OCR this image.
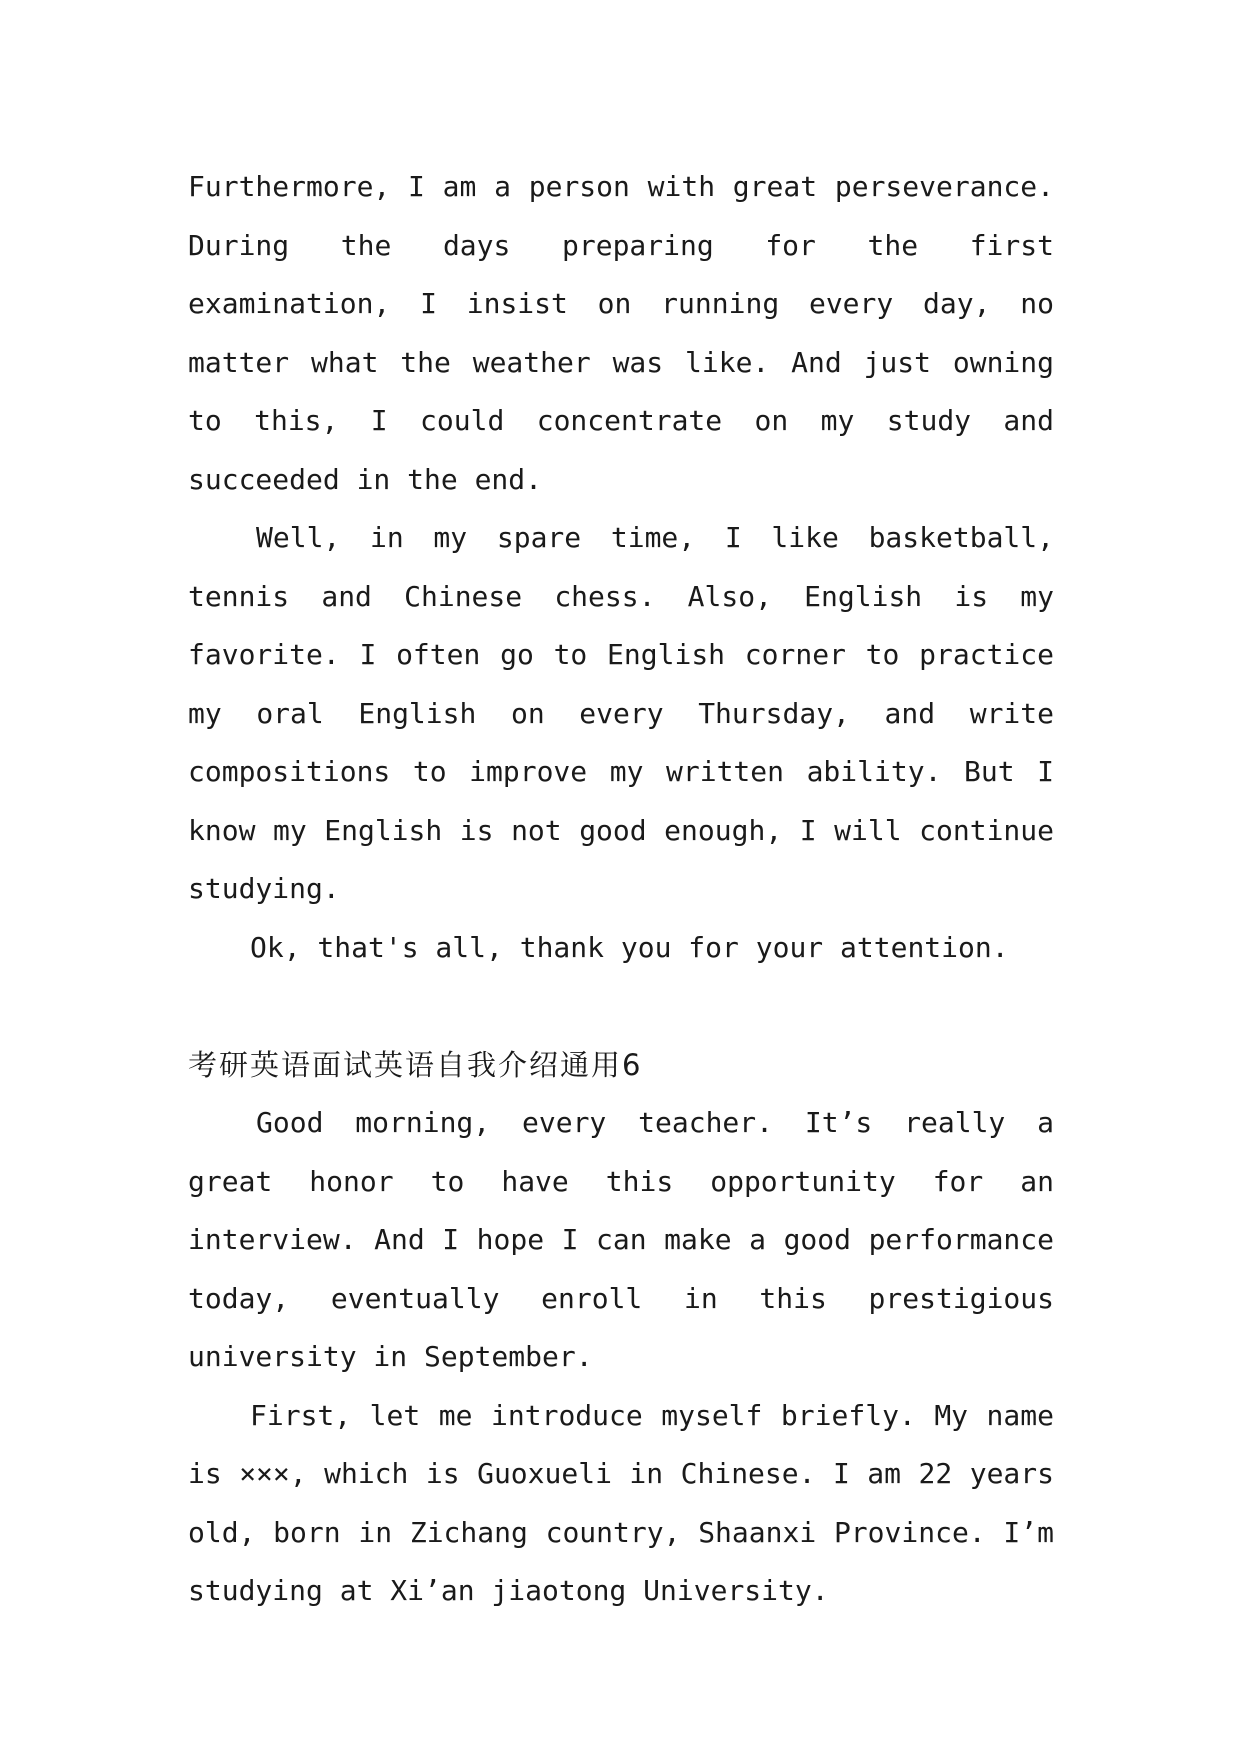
Furthermore, I am a person with great perseverance. During the days preparing for the first examination, I insist on running every day, no matter what the weather was like. And just owning to this, I could concentrate on my study and succeeded in the end.

Well, in my spare time, I like basketball, tennis and Chinese chess. Also, English is my favorite. I often go to English corner to practice my oral English on every Thursday, and write compositions to improve my written ability. But I know my English is not good enough, I will continue studying.

Ok, that's all, thank you for your attention.

考研英语面试英语自我介绍通用6

Good morning, every teacher. It’s really a great honor to have this opportunity for an interview. And I hope I can make a good performance today, eventually enroll in this prestigious university in September.

First, let me introduce myself briefly. My name is ×××, which is Guoxueli in Chinese. I am 22 years old, born in Zichang country, Shaanxi Province. I’m studying at Xi’an jiaotong University.
